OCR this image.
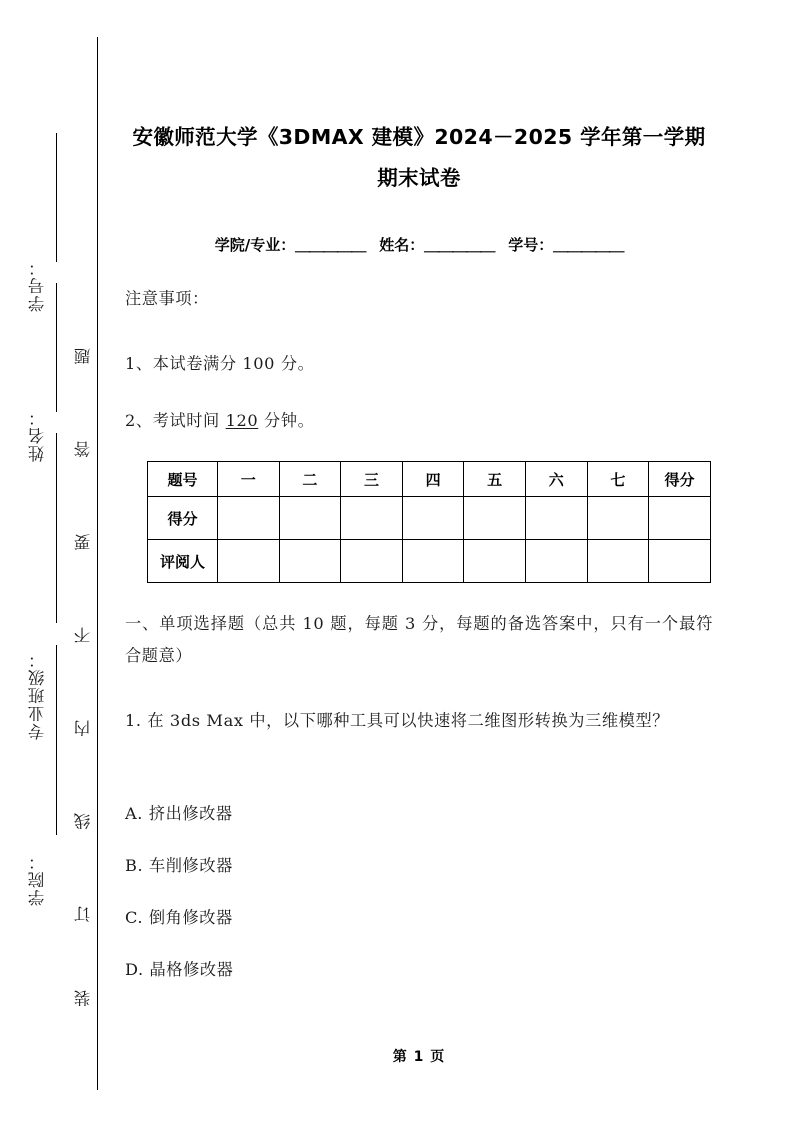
学号：
姓名：
专业班级：
学院：
题
答
要
不
内
线
订
装
安徽师范大学《3DMAX 建模》2024－2025 学年第一学期期末试卷
学院/专业：＿＿＿＿＿ 姓名：＿＿＿＿＿ 学号：＿＿＿＿＿
注意事项：
1、本试卷满分 100 分。
2、考试时间 120 分钟。
题号	一	二	三	四	五	六	七	得分
得分								
评阅人								
一、单项选择题（总共 10 题，每题 3 分，每题的备选答案中，只有一个最符合题意）
1. 在 3ds Max 中，以下哪种工具可以快速将二维图形转换为三维模型？
A. 挤出修改器
B. 车削修改器
C. 倒角修改器
D. 晶格修改器
第 1 页
